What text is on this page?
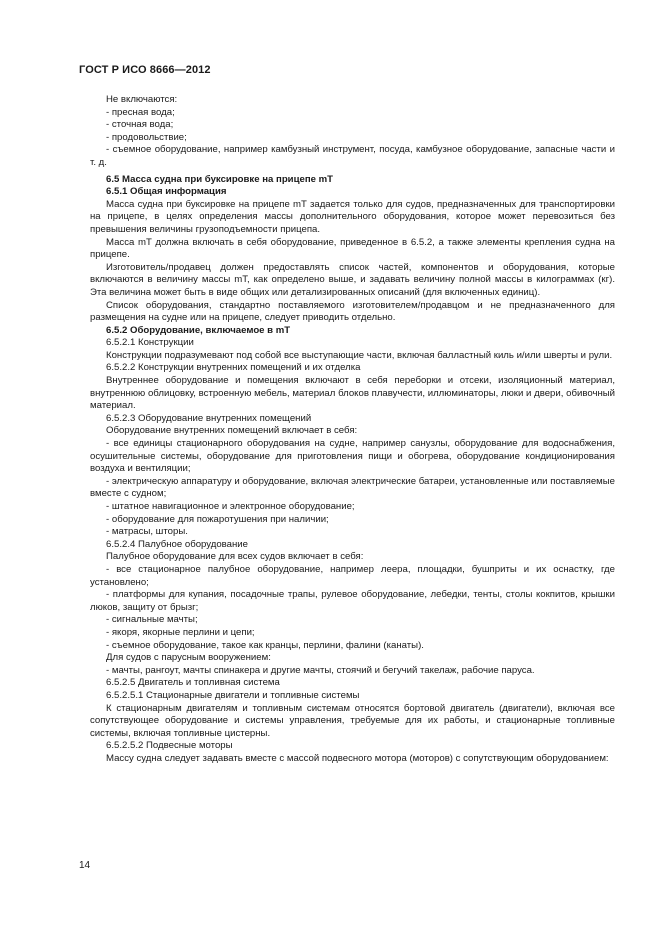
ГОСТ Р ИСО 8666—2012

Не включаются:

- пресная вода;

- сточная вода;

- продовольствие;

- съемное оборудование, например камбузный инструмент, посуда, камбузное оборудование, запасные части и т. д.

6.5 Масса судна при буксировке на прицепе mT

6.5.1 Общая информация

Масса судна при буксировке на прицепе mT задается только для судов, предназначенных для транспортировки на прицепе, в целях определения массы дополнительного оборудования, которое может перевозиться без превышения величины грузоподъемности прицепа.

Масса mT должна включать в себя оборудование, приведенное в 6.5.2, а также элементы крепления судна на прицепе.

Изготовитель/продавец должен предоставлять список частей, компонентов и оборудования, которые включаются в величину массы mT, как определено выше, и задавать величину полной массы в килограммах (кг). Эта величина может быть в виде общих или детализированных описаний (для включенных единиц).

Список оборудования, стандартно поставляемого изготовителем/продавцом и не предназначенного для размещения на судне или на прицепе, следует приводить отдельно.

6.5.2 Оборудование, включаемое в mT

6.5.2.1 Конструкции

Конструкции подразумевают под собой все выступающие части, включая балластный киль и/или шверты и рули.

6.5.2.2 Конструкции внутренних помещений и их отделка

Внутреннее оборудование и помещения включают в себя переборки и отсеки, изоляционный материал, внутреннюю облицовку, встроенную мебель, материал блоков плавучести, иллюминаторы, люки и двери, обивочный материал.

6.5.2.3 Оборудование внутренних помещений

Оборудование внутренних помещений включает в себя:

- все единицы стационарного оборудования на судне, например санузлы, оборудование для водоснабжения, осушительные системы, оборудование для приготовления пищи и обогрева, оборудование кондиционирования воздуха и вентиляции;

- электрическую аппаратуру и оборудование, включая электрические батареи, установленные или поставляемые вместе с судном;

- штатное навигационное и электронное оборудование;

- оборудование для пожаротушения при наличии;

- матрасы, шторы.

6.5.2.4 Палубное оборудование

Палубное оборудование для всех судов включает в себя:

- все стационарное палубное оборудование, например леера, площадки, бушприты и их оснастку, где установлено;

- платформы для купания, посадочные трапы, рулевое оборудование, лебедки, тенты, столы кокпитов, крышки люков, защиту от брызг;

- сигнальные мачты;

- якоря, якорные перлини и цепи;

- съемное оборудование, такое как кранцы, перлини, фалини (канаты).

Для судов с парусным вооружением:

- мачты, рангоут, мачты спинакера и другие мачты, стоячий и бегучий такелаж, рабочие паруса.

6.5.2.5 Двигатель и топливная система

6.5.2.5.1 Стационарные двигатели и топливные системы

К стационарным двигателям и топливным системам относятся бортовой двигатель (двигатели), включая все сопутствующее оборудование и системы управления, требуемые для их работы, и стационарные топливные системы, включая топливные цистерны.

6.5.2.5.2 Подвесные моторы

Массу судна следует задавать вместе с массой подвесного мотора (моторов) с сопутствующим оборудованием:

14
